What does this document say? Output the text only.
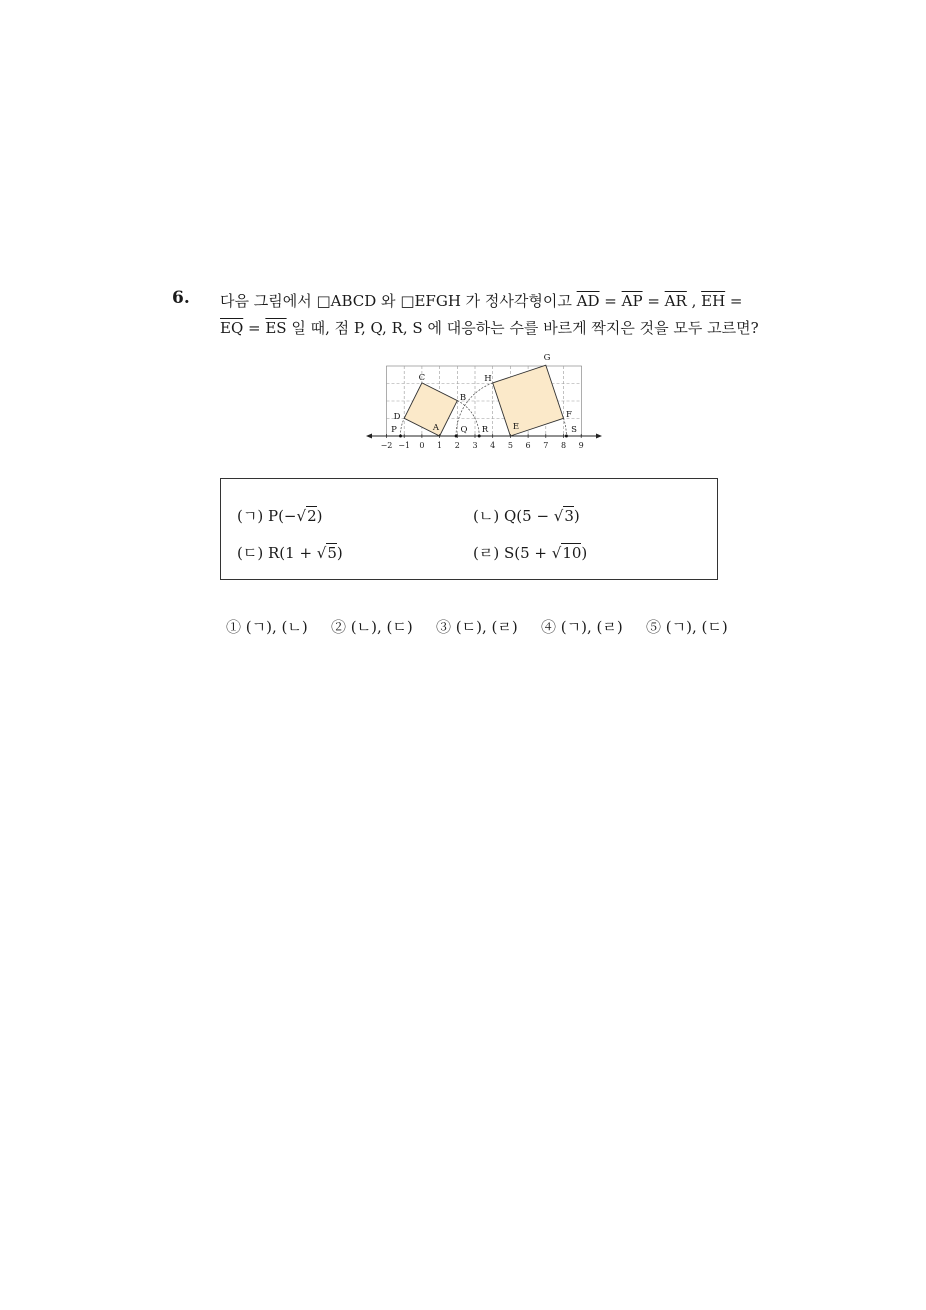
6. 다음 그림에서 □ABCD 와 □EFGH 가 정사각형이고 $\overline{AD} = \overline{AP} = \overline{AR}$ , $\overline{EH}$ =
$\overline{EQ} = \overline{ES}$ 일 때, 점 P, Q, R, S 에 대응하는 수를 바르게 짝지은 것을 모두 고르면?
−2 −1 0 1 2 3 4 5 6 7 8 9
A
B
C
D
E
F
G
H
P	Q R	S
(ㄱ) P(−√2)	(ㄴ) Q(5 − √3)
(ㄷ) R(1 + √5)	(ㄹ) S(5 + √10)
① (ㄱ), (ㄴ) ② (ㄴ), (ㄷ) ③ (ㄷ), (ㄹ) ④ (ㄱ), (ㄹ) ⑤ (ㄱ), (ㄷ)
